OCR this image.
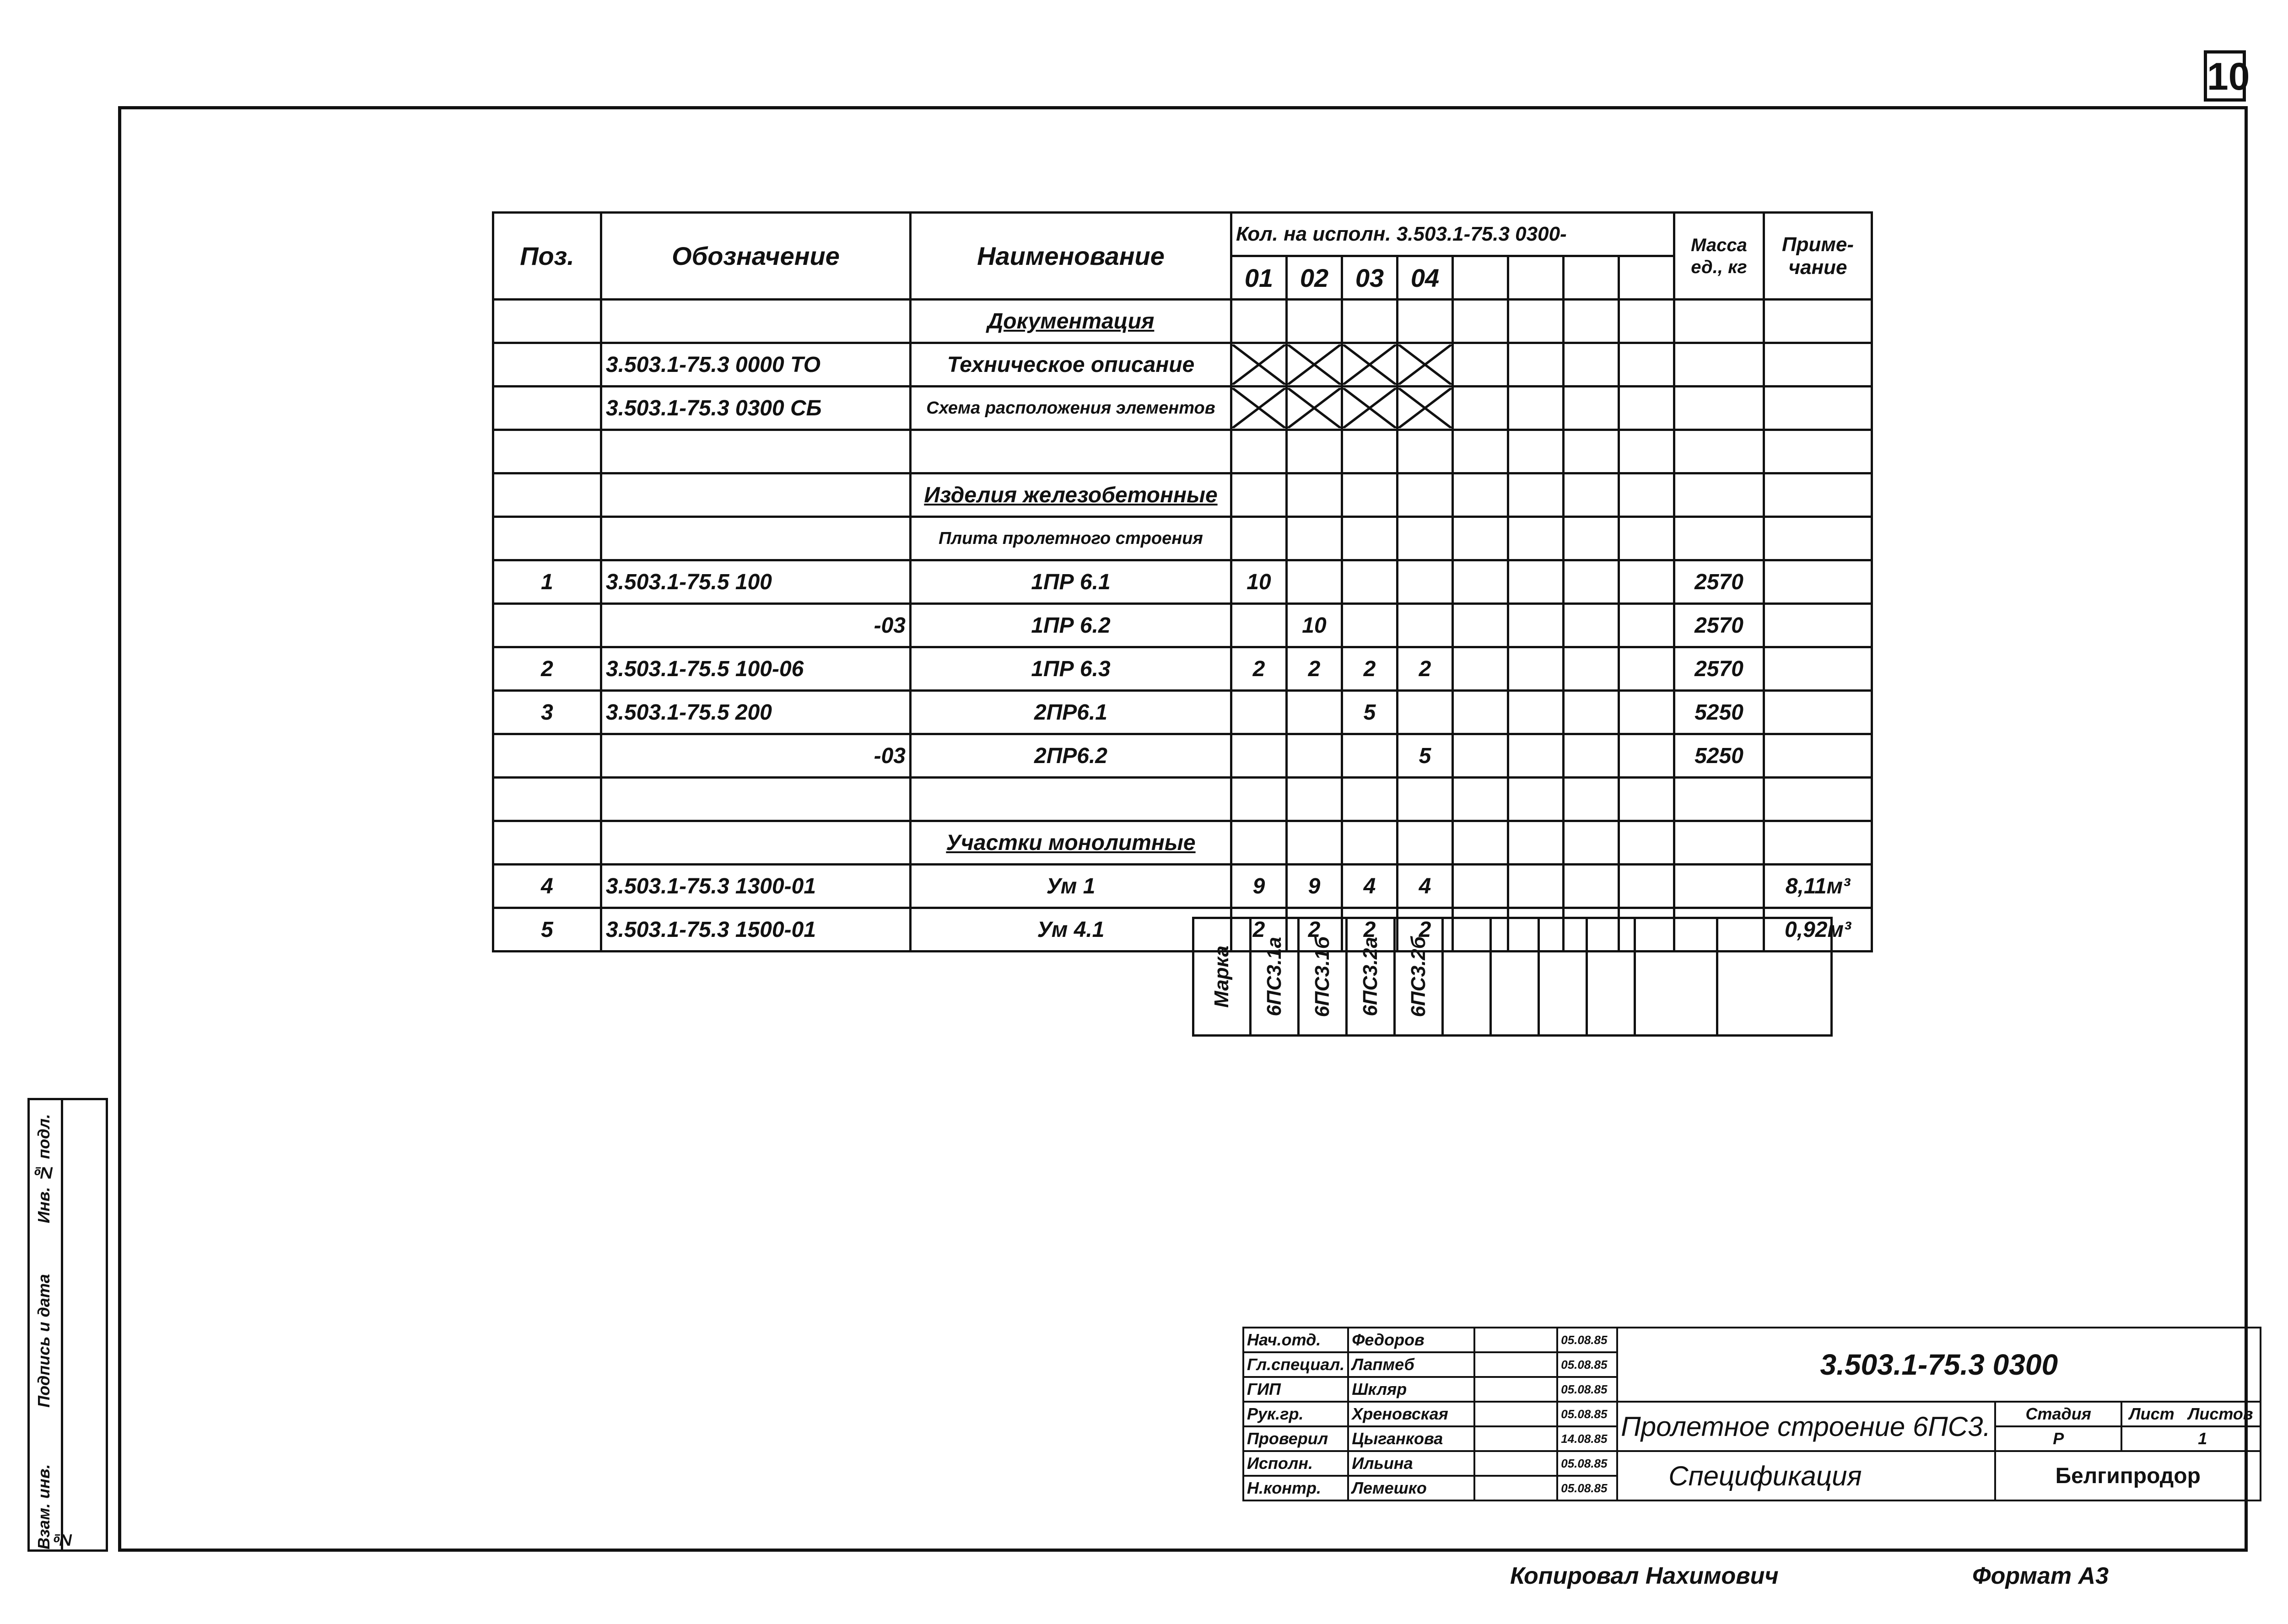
10
Поз.	Обозначение	Наименование	Кол. на исполн. 3.503.1-75.3 0300-								Масса ед., кг	Приме- чание
			01	02	03	04						
		Документация										
	3.503.1-75.3 0000 ТО	Техническое описание	

	3.503.1-75.3 0300 СБ	Схема расположения элементов	

		Изделия железобетонные										
		Плита пролетного строения										
1	3.503.1-75.5 100	1ПР 6.1	10								2570	
	-03	1ПР 6.2		10							2570	
2	3.503.1-75.5 100-06	1ПР 6.3	2	2	2	2					2570	
3	3.503.1-75.5 200	2ПР6.1			5						5250	
	-03	2ПР6.2				5					5250	

		Участки монолитные										
4	3.503.1-75.3 1300-01	Ум 1	9	9	4	4						8,11м³
5	3.503.1-75.3 1500-01	Ум 4.1	2	2	2	2						0,92м³
Марка	6ПС3.1а	6ПС3.1б	6ПС3.2а	6ПС3.2б

Инв. № подл.
Подпись и дата
Взам. инв. №
Нач.отд.	Федоров		05.08.85	3.503.1-75.3 0300		
Гл.специал.	Лапмеб		05.08.85			
ГИП	Шкляр		05.08.85			
Рук.гр.	Хреновская		05.08.85	Пролетное строение 6ПС3.	Стадия	Лист Листов
Проверил	Цыганкова		14.08.85		Р	1
Исполн.	Ильина		05.08.85	Спецификация	Белгипродор	
Н.контр.	Лемешко		05.08.85			
Копировал Нахимович	Формат А3
